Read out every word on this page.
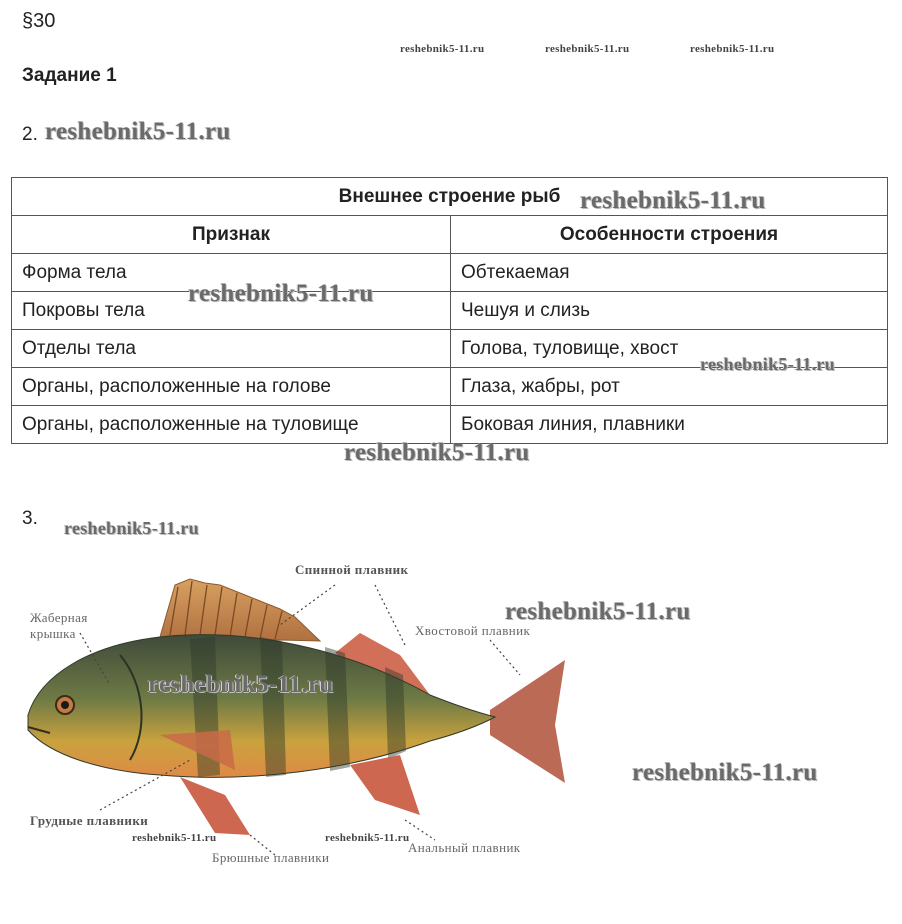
§30
Задание 1
reshebnik5-11.ru	reshebnik5-11.ru	reshebnik5-11.ru
2. reshebnik5-11.ru
Внешнее строение рыб	
Признак	Особенности строения
Форма тела	Обтекаемая
Покровы тела	Чешуя и слизь
Отделы тела	Голова, туловище, хвост
Органы, расположенные на голове	Глаза, жабры, рот
Органы, расположенные на туловище	Боковая линия, плавники
reshebnik5-11.ru
reshebnik5-11.ru
reshebnik5-11.ru
reshebnik5-11.ru
3. reshebnik5-11.ru
Спинной плавник
Жаберная
крышка	Хвостовой плавник
Грудные плавники
Брюшные плавники
Анальный плавник
reshebnik5-11.ru
reshebnik5-11.ru
reshebnik5-11.ru
reshebnik5-11.ru	reshebnik5-11.ru
